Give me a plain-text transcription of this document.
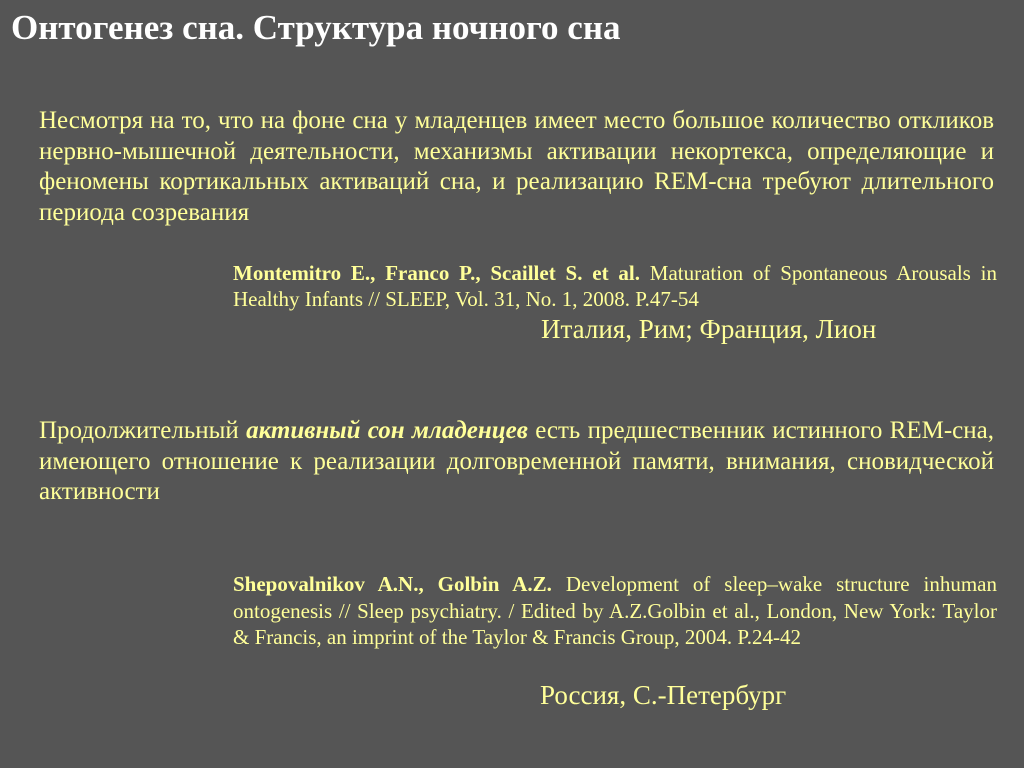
Онтогенез сна. Структура ночного сна

Несмотря на то, что на фоне сна у младенцев имеет место большое количество откликов нервно-мышечной деятельности, механизмы активации некортекса, определяющие и феномены кортикальных активаций сна, и реализацию REM-сна требуют длительного периода созревания

Montemitro E., Franco P., Scaillet S. et al. Maturation of Spontaneous Arousals in Healthy Infants // SLEEP, Vol. 31, No. 1, 2008. P.47-54

Италия, Рим; Франция, Лион

Продолжительный активный сон младенцев есть предшественник истинного REM-сна, имеющего отношение к реализации долговременной памяти, внимания, сновидческой активности

Shepovalnikov A.N., Golbin A.Z. Development of sleep–wake structure inhuman ontogenesis // Sleep psychiatry. / Edited by A.Z.Golbin et al., London, New York: Taylor & Francis, an imprint of the Taylor & Francis Group, 2004. P.24-42

Россия, С.-Петербург
